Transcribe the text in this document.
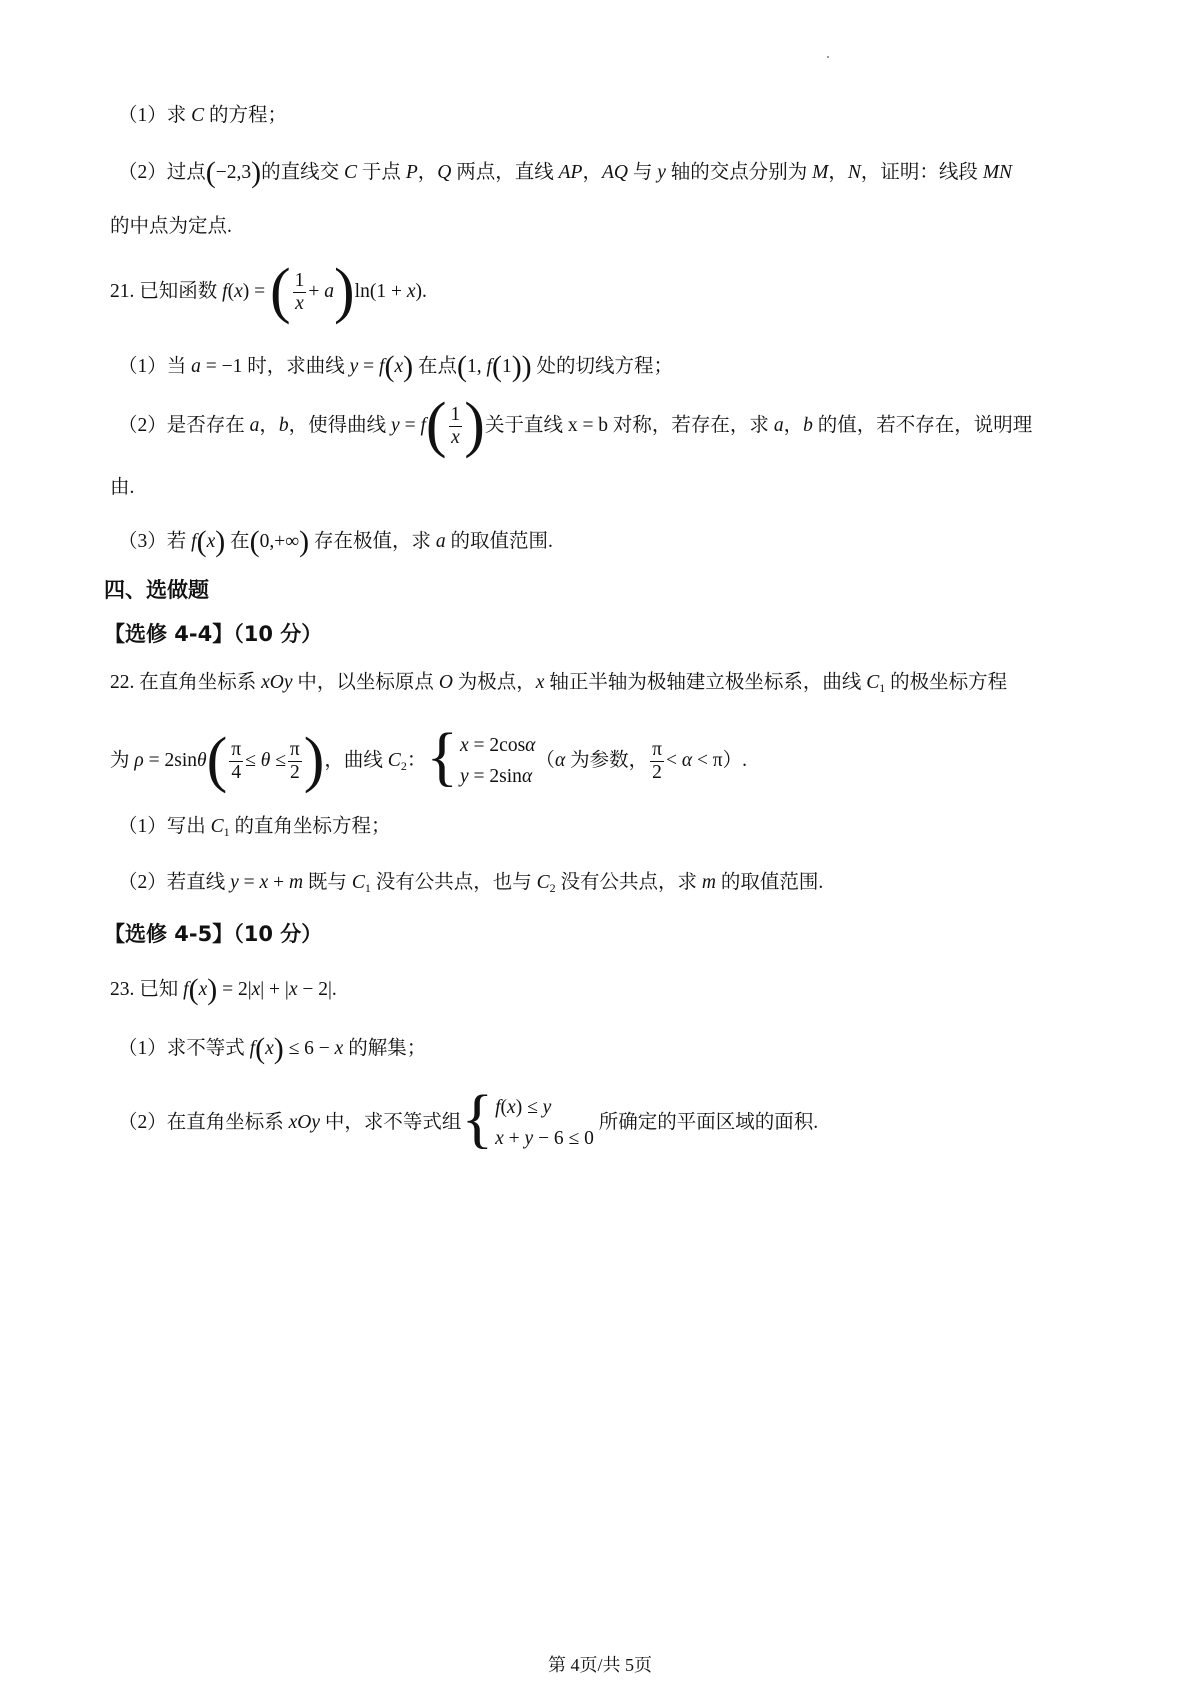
（1）求 C 的方程；
（2）过点(−2,3)的直线交 C 于点 P，Q 两点，直线 AP，AQ 与 y 轴的交点分别为 M，N，证明：线段 MN
的中点为定点.
21. 已知函数 f(x) = ( $\frac{1}{x} + a)\ln(1 + x)$.
（1）当 a = −1 时，求曲线 y = f(x) 在点(1, f(1)) 处的切线方程；
（2）是否存在 a，b，使得曲线 $y = f( \frac{1}{x}$ )关于直线 x = b 对称，若存在，求 a，b 的值，若不存在，说明理
由.
（3）若 f(x) 在(0,+∞) 存在极值，求 a 的取值范围.
四、选做题
【选修 4-4】（10 分）
22. 在直角坐标系 xOy 中，以坐标原点 O 为极点，x 轴正半轴为极轴建立极坐标系，曲线 $C_1$ 的极坐标方程
为 $\rho = 2\sin\theta( \frac{\pi}{4} \le \theta \le \frac{\pi}{2}$ )，曲线 $C_2$：{ x = 2cosα
y = 2sinα
（α 为参数， $\frac{\pi}{2} < \alpha < \pi$）.
（1）写出 $C_1$ 的直角坐标方程；
（2）若直线 y = x + m 既与 $C_1$ 没有公共点，也与 $C_2$ 没有公共点，求 m 的取值范围.
【选修 4-5】（10 分）
23. 已知 f(x) = 2|x| + |x − 2|.
（1）求不等式 f(x) ≤ 6 − x 的解集；
（2）在直角坐标系 xOy 中，求不等式组{ f(x) ≤ y
x + y − 6 ≤ 0
所确定的平面区域的面积.
第 4页/共 5页
